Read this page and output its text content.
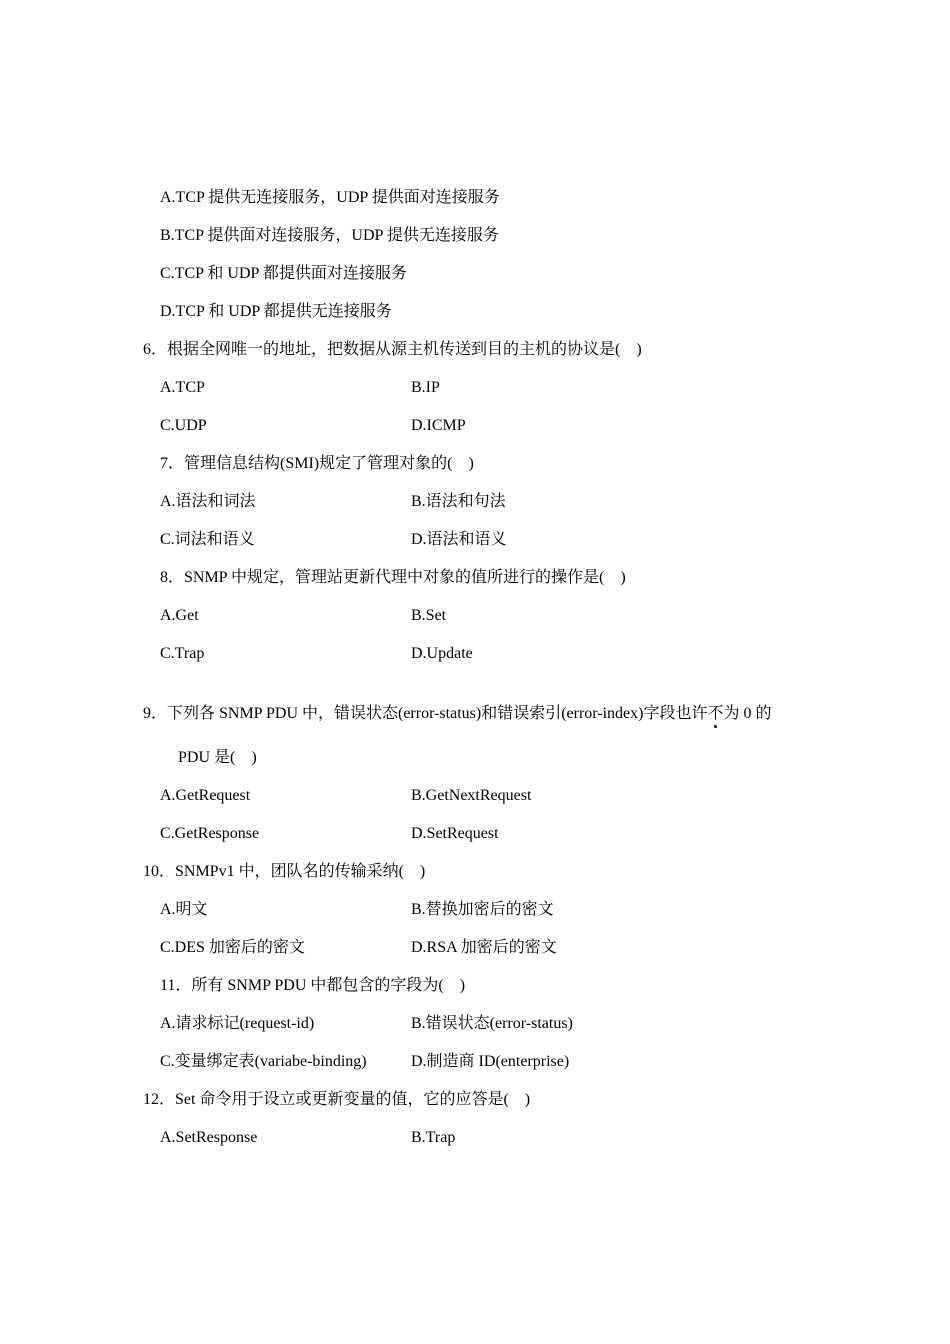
A.TCP 提供无连接服务，UDP 提供面对连接服务
B.TCP 提供面对连接服务，UDP 提供无连接服务
C.TCP 和 UDP 都提供面对连接服务
D.TCP 和 UDP 都提供无连接服务
6．根据全网唯一的地址，把数据从源主机传送到目的主机的协议是(　)
A.TCP	B.IP
C.UDP	D.ICMP
7．管理信息结构(SMI)规定了管理对象的(　)
A.语法和词法	B.语法和句法
C.词法和语义	D.语法和语义
8．SNMP 中规定，管理站更新代理中对象的值所进行的操作是(　)
A.Get	B.Set
C.Trap	D.Update
9．下列各 SNMP PDU 中，错误状态(error-status)和错误索引(error-index)字段也许不为 0 的
PDU 是(　)
A.GetRequest	B.GetNextRequest
C.GetResponse	D.SetRequest
10．SNMPv1 中，团队名的传输采纳(　)
A.明文	B.替换加密后的密文
C.DES 加密后的密文	D.RSA 加密后的密文
11．所有 SNMP PDU 中都包含的字段为(　)
A.请求标记(request-id)	B.错误状态(error-status)
C.变量绑定表(variabe-binding)	D.制造商 ID(enterprise)
12．Set 命令用于设立或更新变量的值，它的应答是(　)
A.SetResponse	B.Trap
